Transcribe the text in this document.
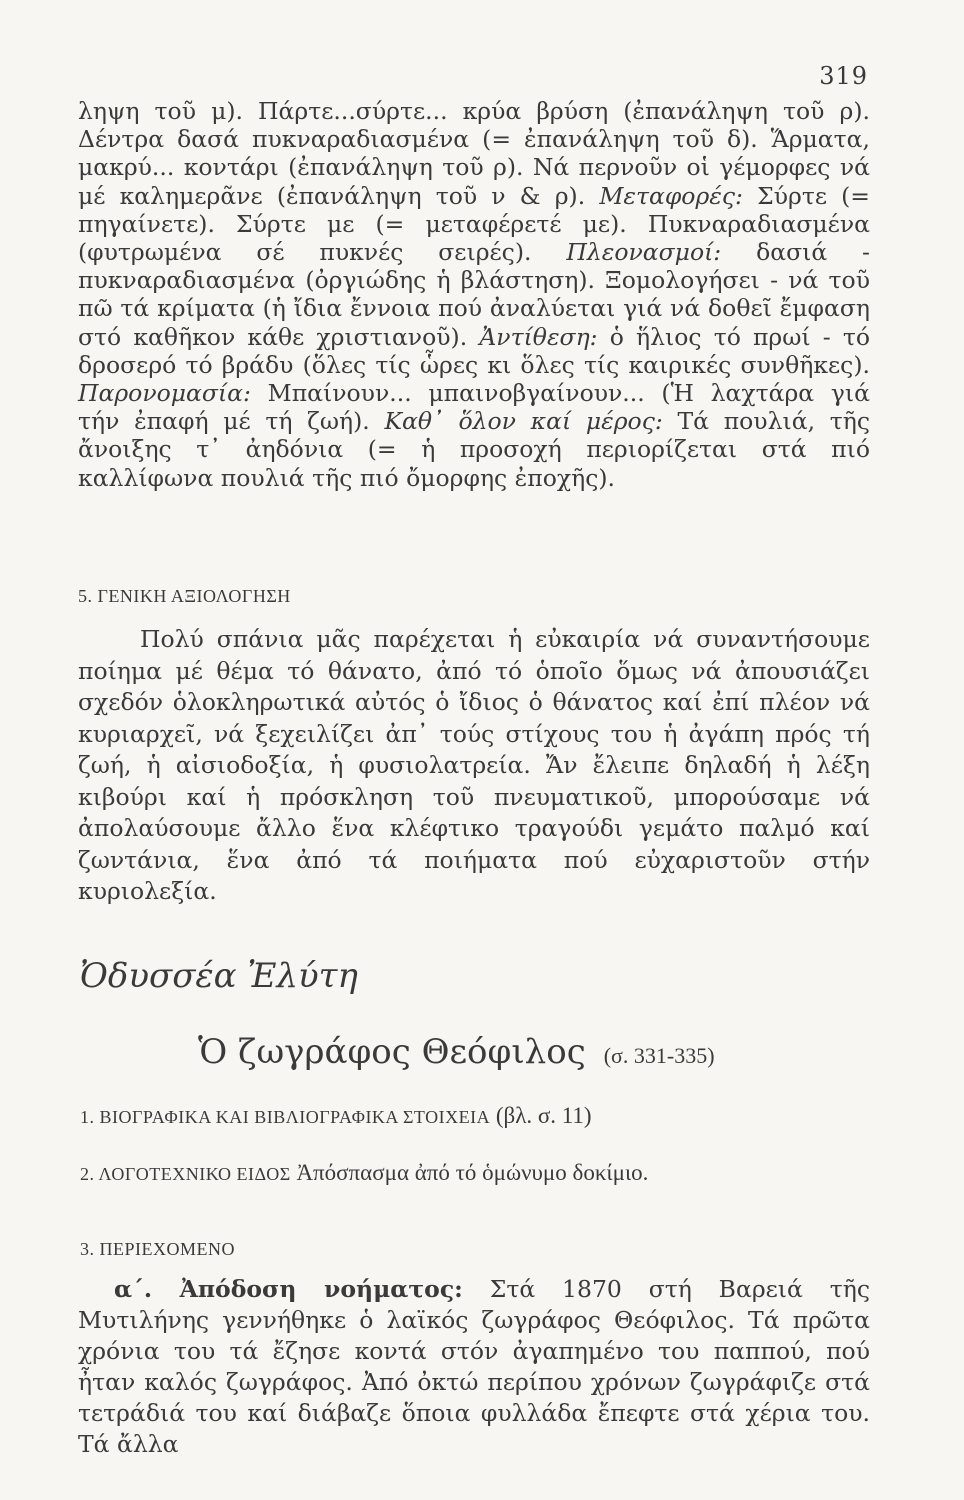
319
ληψη τοῦ μ). Πάρτε...σύρτε... κρύα βρύση (ἐπανάληψη τοῦ ρ). Δέντρα δασά πυκναραδιασμένα (= ἐπανάληψη τοῦ δ). Ἅρματα, μακρύ... κοντάρι (ἐπανάληψη τοῦ ρ). Νά περνοῦν οἱ γέμορφες νά μέ καλημερᾶνε (ἐπανάληψη τοῦ ν & ρ). Μεταφορές: Σύρτε (= πηγαίνετε). Σύρτε με (= μεταφέρετέ με). Πυκναραδιασμένα (φυτρωμένα σέ πυκνές σειρές). Πλεονασμοί: δασιά - πυκναραδιασμένα (ὀργιώδης ἡ βλάστηση). Ξομολογήσει - νά τοῦ πῶ τά κρίματα (ἡ ἴδια ἔννοια πού ἀναλύεται γιά νά δοθεῖ ἔμφαση στό καθῆκον κάθε χριστιανοῦ). Ἀντίθεση: ὁ ἥλιος τό πρωί - τό δροσερό τό βράδυ (ὅλες τίς ὧρες κι ὅλες τίς καιρικές συνθῆκες). Παρονομασία: Μπαίνουν... μπαινοβγαίνουν... (Ἡ λαχτάρα γιά τήν ἐπαφή μέ τή ζωή). Καθ᾽ ὅλον καί μέρος: Τά πουλιά, τῆς ἄνοιξης τ᾽ ἀηδόνια (= ἡ προσοχή περιορίζεται στά πιό καλλίφωνα πουλιά τῆς πιό ὄμορφης ἐποχῆς).
5. ΓΕΝΙΚΗ ΑΞΙΟΛΟΓΗΣΗ
Πολύ σπάνια μᾶς παρέχεται ἡ εὐκαιρία νά συναντήσουμε ποίημα μέ θέμα τό θάνατο, ἀπό τό ὁποῖο ὅμως νά ἀπουσιάζει σχεδόν ὁλοκληρωτικά αὐτός ὁ ἴδιος ὁ θάνατος καί ἐπί πλέον νά κυριαρχεῖ, νά ξεχειλίζει ἀπ᾽ τούς στίχους του ἡ ἀγάπη πρός τή ζωή, ἡ αἰσιοδοξία, ἡ φυσιολατρεία. Ἄν ἔλειπε δηλαδή ἡ λέξη κιβούρι καί ἡ πρόσκληση τοῦ πνευματικοῦ, μπορούσαμε νά ἀπολαύσουμε ἄλλο ἕνα κλέφτικο τραγούδι γεμάτο παλμό καί ζωντάνια, ἕνα ἀπό τά ποιήματα πού εὐχαριστοῦν στήν κυριολεξία.
Ὀδυσσέα Ἐλύτη
Ὁ ζωγράφος Θεόφιλος (σ. 331-335)
1. ΒΙΟΓΡΑΦΙΚΑ ΚΑΙ ΒΙΒΛΙΟΓΡΑΦΙΚΑ ΣΤΟΙΧΕΙΑ (βλ. σ. 11)
2. ΛΟΓΟΤΕΧΝΙΚΟ ΕΙΔΟΣ Ἀπόσπασμα ἀπό τό ὁμώνυμο δοκίμιο.
3. ΠΕΡΙΕΧΟΜΕΝΟ
α΄. Ἀπόδοση νοήματος: Στά 1870 στή Βαρειά τῆς Μυτιλήνης γεννήθηκε ὁ λαϊκός ζωγράφος Θεόφιλος. Τά πρῶτα χρόνια του τά ἔζησε κοντά στόν ἀγαπημένο του παππού, πού ἦταν καλός ζωγράφος. Ἀπό ὀκτώ περίπου χρόνων ζωγράφιζε στά τετράδιά του καί διάβαζε ὅποια φυλλάδα ἔπεφτε στά χέρια του. Τά ἄλλα
